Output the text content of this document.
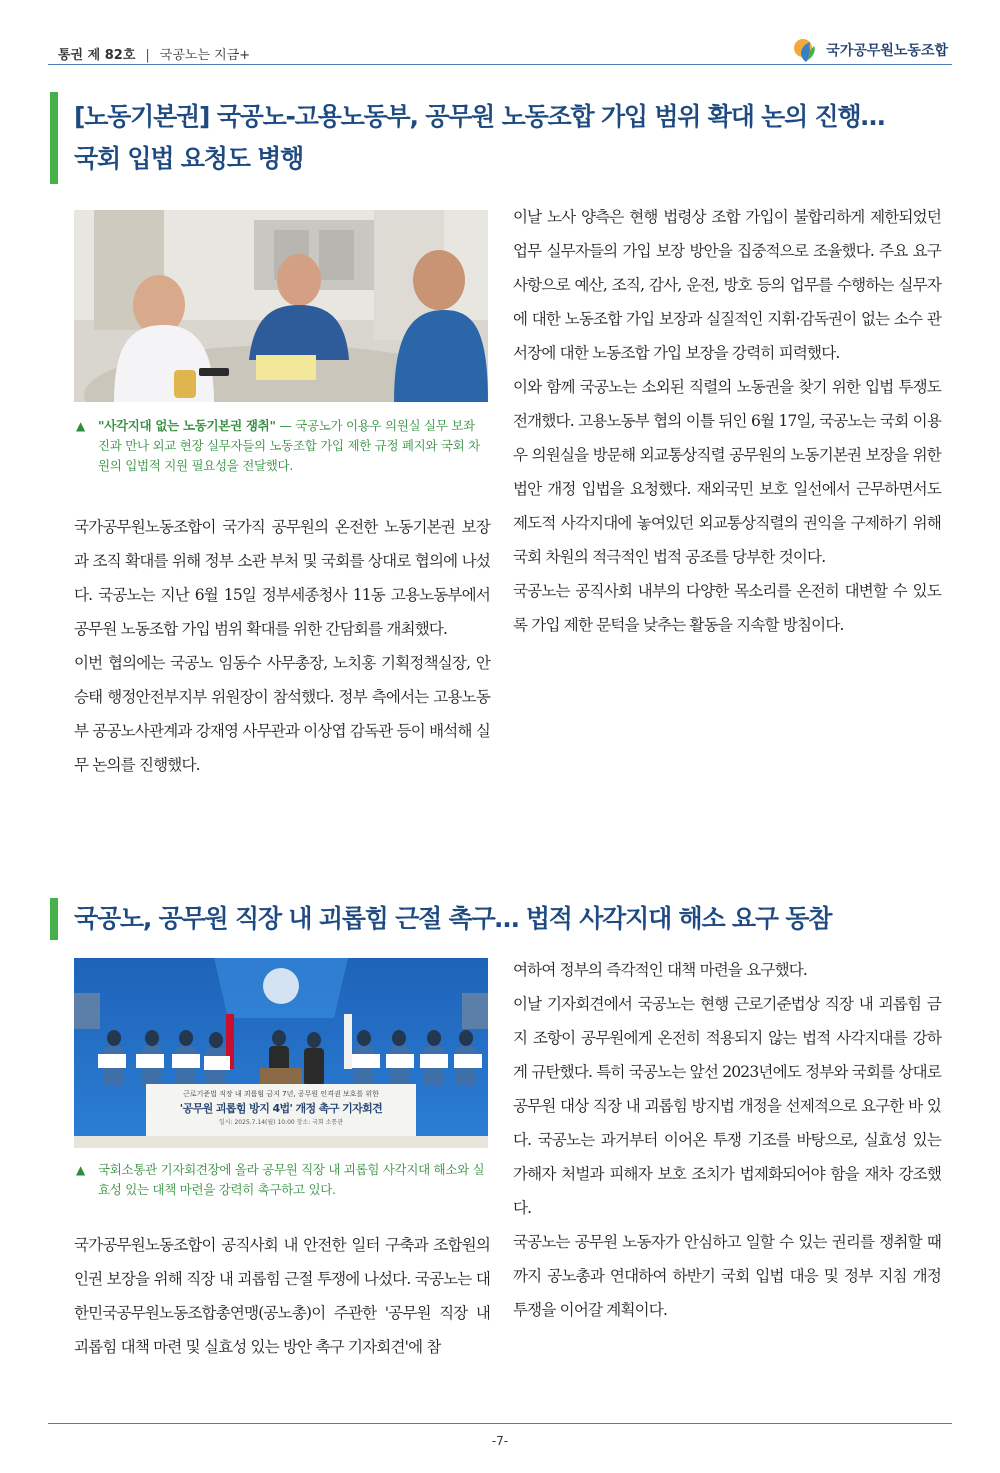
통권 제 82호 | 국공노는 지금+	국가공무원노동조합
[노동기본권] 국공노-고용노동부, 공무원 노동조합 가입 범위 확대 논의 진행…
국회 입법 요청도 병행
▲	"사각지대 없는 노동기본권 쟁취" — 국공노가 이용우 의원실 실무 보좌진과 만나 외교 현장 실무자들의 노동조합 가입 제한 규정 폐지와 국회 차원의 입법적 지원 필요성을 전달했다.

국가공무원노동조합이 국가직 공무원의 온전한 노동기본권 보장과 조직 확대를 위해 정부 소관 부처 및 국회를 상대로 협의에 나섰다. 국공노는 지난 6월 15일 정부세종청사 11동 고용노동부에서 공무원 노동조합 가입 범위 확대를 위한 간담회를 개최했다.

이번 협의에는 국공노 임동수 사무총장, 노치홍 기획정책실장, 안승태 행정안전부지부 위원장이 참석했다. 정부 측에서는 고용노동부 공공노사관계과 강재영 사무관과 이상엽 감독관 등이 배석해 실무 논의를 진행했다.

이날 노사 양측은 현행 법령상 조합 가입이 불합리하게 제한되었던 업무 실무자들의 가입 보장 방안을 집중적으로 조율했다. 주요 요구 사항으로 예산, 조직, 감사, 운전, 방호 등의 업무를 수행하는 실무자에 대한 노동조합 가입 보장과 실질적인 지휘·감독권이 없는 소수 관서장에 대한 노동조합 가입 보장을 강력히 피력했다.

이와 함께 국공노는 소외된 직렬의 노동권을 찾기 위한 입법 투쟁도 전개했다. 고용노동부 협의 이틀 뒤인 6월 17일, 국공노는 국회 이용우 의원실을 방문해 외교통상직렬 공무원의 노동기본권 보장을 위한 법안 개정 입법을 요청했다. 재외국민 보호 일선에서 근무하면서도 제도적 사각지대에 놓여있던 외교통상직렬의 권익을 구제하기 위해 국회 차원의 적극적인 법적 공조를 당부한 것이다.

국공노는 공직사회 내부의 다양한 목소리를 온전히 대변할 수 있도록 가입 제한 문턱을 낮추는 활동을 지속할 방침이다.

국공노, 공무원 직장 내 괴롭힘 근절 촉구… 법적 사각지대 해소 요구 동참
근로기준법 직장 내 괴롭힘 금지 7년, 공무원 인격권 보호를 위한
'공무원 괴롭힘 방지 4법' 개정 촉구 기자회견
일시: 2025.7.14(월) 10:00 장소: 국회 소통관
▲	국회소통관 기자회견장에 올라 공무원 직장 내 괴롭힘 사각지대 해소와 실효성 있는 대책 마련을 강력히 촉구하고 있다.

국가공무원노동조합이 공직사회 내 안전한 일터 구축과 조합원의 인권 보장을 위해 직장 내 괴롭힘 근절 투쟁에 나섰다. 국공노는 대한민국공무원노동조합총연맹(공노총)이 주관한 '공무원 직장 내 괴롭힘 대책 마련 및 실효성 있는 방안 촉구 기자회견'에 참

여하여 정부의 즉각적인 대책 마련을 요구했다.

이날 기자회견에서 국공노는 현행 근로기준법상 직장 내 괴롭힘 금지 조항이 공무원에게 온전히 적용되지 않는 법적 사각지대를 강하게 규탄했다. 특히 국공노는 앞선 2023년에도 정부와 국회를 상대로 공무원 대상 직장 내 괴롭힘 방지법 개정을 선제적으로 요구한 바 있다. 국공노는 과거부터 이어온 투쟁 기조를 바탕으로, 실효성 있는 가해자 처벌과 피해자 보호 조치가 법제화되어야 함을 재차 강조했다.

국공노는 공무원 노동자가 안심하고 일할 수 있는 권리를 쟁취할 때까지 공노총과 연대하여 하반기 국회 입법 대응 및 정부 지침 개정 투쟁을 이어갈 계획이다.

-7-
